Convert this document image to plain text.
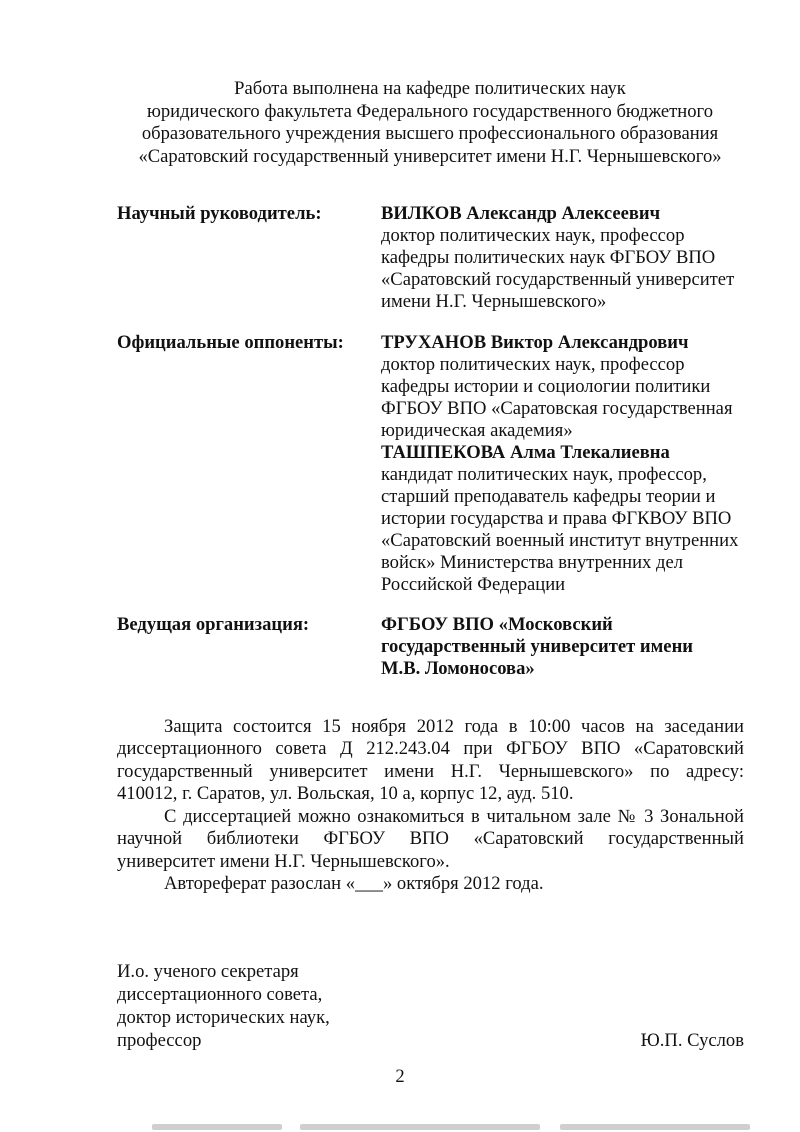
Работа выполнена на кафедре политических наук
юридического факультета Федерального государственного бюджетного
образовательного учреждения высшего профессионального образования
«Саратовский государственный университет имени Н.Г. Чернышевского»
Научный руководитель:	ВИЛКОВ Александр Алексеевич
доктор политических наук, профессор
кафедры политических наук ФГБОУ ВПО
«Саратовский государственный университет
имени Н.Г. Чернышевского»
Официальные оппоненты: ТРУХАНОВ Виктор Александрович
доктор политических наук, профессор
кафедры истории и социологии политики
ФГБОУ ВПО «Саратовская государственная
юридическая академия»
ТАШПЕКОВА Алма Тлекалиевна
кандидат политических наук, профессор,
старший преподаватель кафедры теории и
истории государства и права ФГКВОУ ВПО
«Саратовский военный институт внутренних
войск» Министерства внутренних дел
Российской Федерации
Ведущая организация:	ФГБОУ ВПО «Московский
государственный университет имени
М.В. Ломоносова»
Защита состоится 15 ноября 2012 года в 10:00 часов на заседании
диссертационного совета Д 212.243.04 при ФГБОУ ВПО «Саратовский
государственный университет имени Н.Г. Чернышевского» по адресу:
410012, г. Саратов, ул. Вольская, 10 а, корпус 12, ауд. 510.
С диссертацией можно ознакомиться в читальном зале № 3 Зональной
научной библиотеки ФГБОУ ВПО «Саратовский государственный
университет имени Н.Г. Чернышевского».
Автореферат разослан «___» октября 2012 года.
И.о. ученого секретаря
диссертационного совета,
доктор исторических наук,
профессор	Ю.П. Суслов
2
